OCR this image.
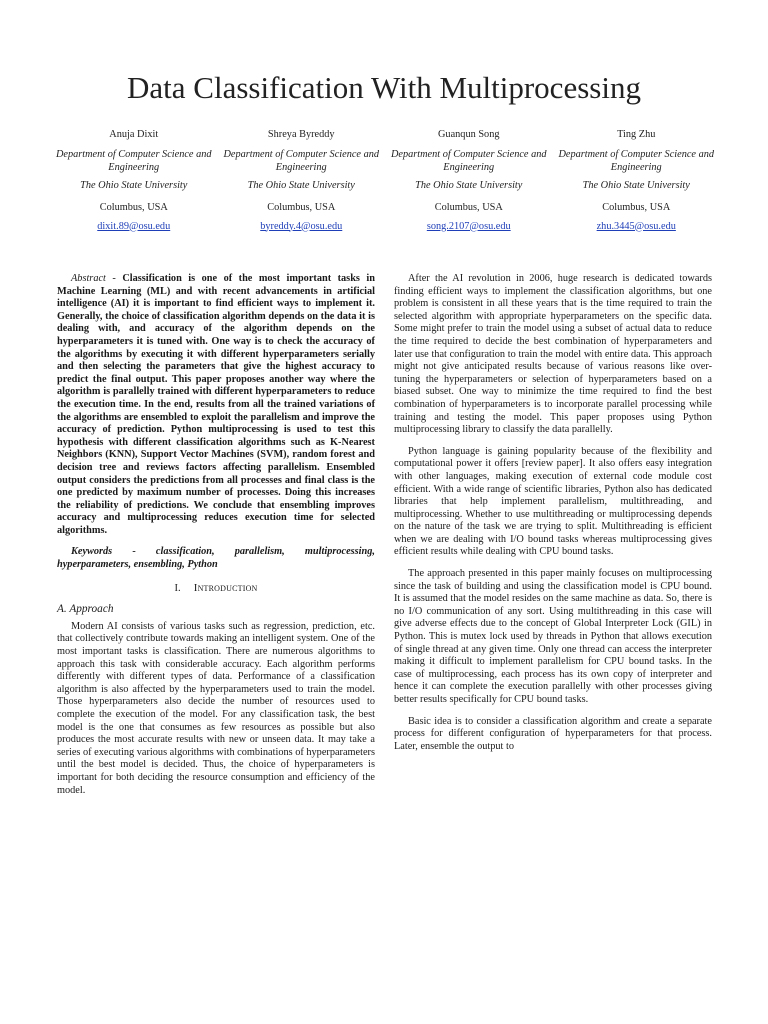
Data Classification With Multiprocessing
Anuja Dixit
Department of Computer Science and Engineering
The Ohio State University
Columbus, USA
dixit.89@osu.edu
Shreya Byreddy
Department of Computer Science and Engineering
The Ohio State University
Columbus, USA
byreddy.4@osu.edu
Guanqun Song
Department of Computer Science and Engineering
The Ohio State University
Columbus, USA
song.2107@osu.edu
Ting Zhu
Department of Computer Science and Engineering
The Ohio State University
Columbus, USA
zhu.3445@osu.edu

Abstract - Classification is one of the most important tasks in Machine Learning (ML) and with recent advancements in artificial intelligence (AI) it is important to find efficient ways to implement it. Generally, the choice of classification algorithm depends on the data it is dealing with, and accuracy of the algorithm depends on the hyperparameters it is tuned with. One way is to check the accuracy of the algorithms by executing it with different hyperparameters serially and then selecting the parameters that give the highest accuracy to predict the final output. This paper proposes another way where the algorithm is parallelly trained with different hyperparameters to reduce the execution time. In the end, results from all the trained variations of the algorithms are ensembled to exploit the parallelism and improve the accuracy of prediction. Python multiprocessing is used to test this hypothesis with different classification algorithms such as K-Nearest Neighbors (KNN), Support Vector Machines (SVM), random forest and decision tree and reviews factors affecting parallelism. Ensembled output considers the predictions from all processes and final class is the one predicted by maximum number of processes. Doing this increases the reliability of predictions. We conclude that ensembling improves accuracy and multiprocessing reduces execution time for selected algorithms.

Keywords - classification, parallelism, multiprocessing, hyperparameters, ensembling, Python

I. Introduction

A. Approach

Modern AI consists of various tasks such as regression, prediction, etc. that collectively contribute towards making an intelligent system. One of the most important tasks is classification. There are numerous algorithms to approach this task with considerable accuracy. Each algorithm performs differently with different types of data. Performance of a classification algorithm is also affected by the hyperparameters used to train the model. Those hyperparameters also decide the number of resources used to complete the execution of the model. For any classification task, the best model is the one that consumes as few resources as possible but also produces the most accurate results with new or unseen data. It may take a series of executing various algorithms with combinations of hyperparameters until the best model is decided. Thus, the choice of hyperparameters is important for both deciding the resource consumption and efficiency of the model.

After the AI revolution in 2006, huge research is dedicated towards finding efficient ways to implement the classification algorithms, but one problem is consistent in all these years that is the time required to train the selected algorithm with appropriate hyperparameters on the specific data. Some might prefer to train the model using a subset of actual data to reduce the time required to decide the best combination of hyperparameters and later use that configuration to train the model with entire data. This approach might not give anticipated results because of various reasons like over-tuning the hyperparameters or selection of hyperparameters based on a biased subset. One way to minimize the time required to find the best combination of hyperparameters is to incorporate parallel processing while training and testing the model. This paper proposes using Python multiprocessing library to classify the data parallelly.

Python language is gaining popularity because of the flexibility and computational power it offers [review paper]. It also offers easy integration with other languages, making execution of external code module cost efficient. With a wide range of scientific libraries, Python also has dedicated libraries that help implement parallelism, multithreading, and multiprocessing. Whether to use multithreading or multiprocessing depends on the nature of the task we are trying to split. Multithreading is efficient when we are dealing with I/O bound tasks whereas multiprocessing gives efficient results while dealing with CPU bound tasks.

The approach presented in this paper mainly focuses on multiprocessing since the task of building and using the classification model is CPU bound. It is assumed that the model resides on the same machine as data. So, there is no I/O communication of any sort. Using multithreading in this case will give adverse effects due to the concept of Global Interpreter Lock (GIL) in Python. This is mutex lock used by threads in Python that allows execution of single thread at any given time. Only one thread can access the interpreter making it difficult to implement parallelism for CPU bound tasks. In the case of multiprocessing, each process has its own copy of interpreter and hence it can complete the execution parallelly with other processes giving better results specifically for CPU bound tasks.

Basic idea is to consider a classification algorithm and create a separate process for different configuration of hyperparameters for that process. Later, ensemble the output to
